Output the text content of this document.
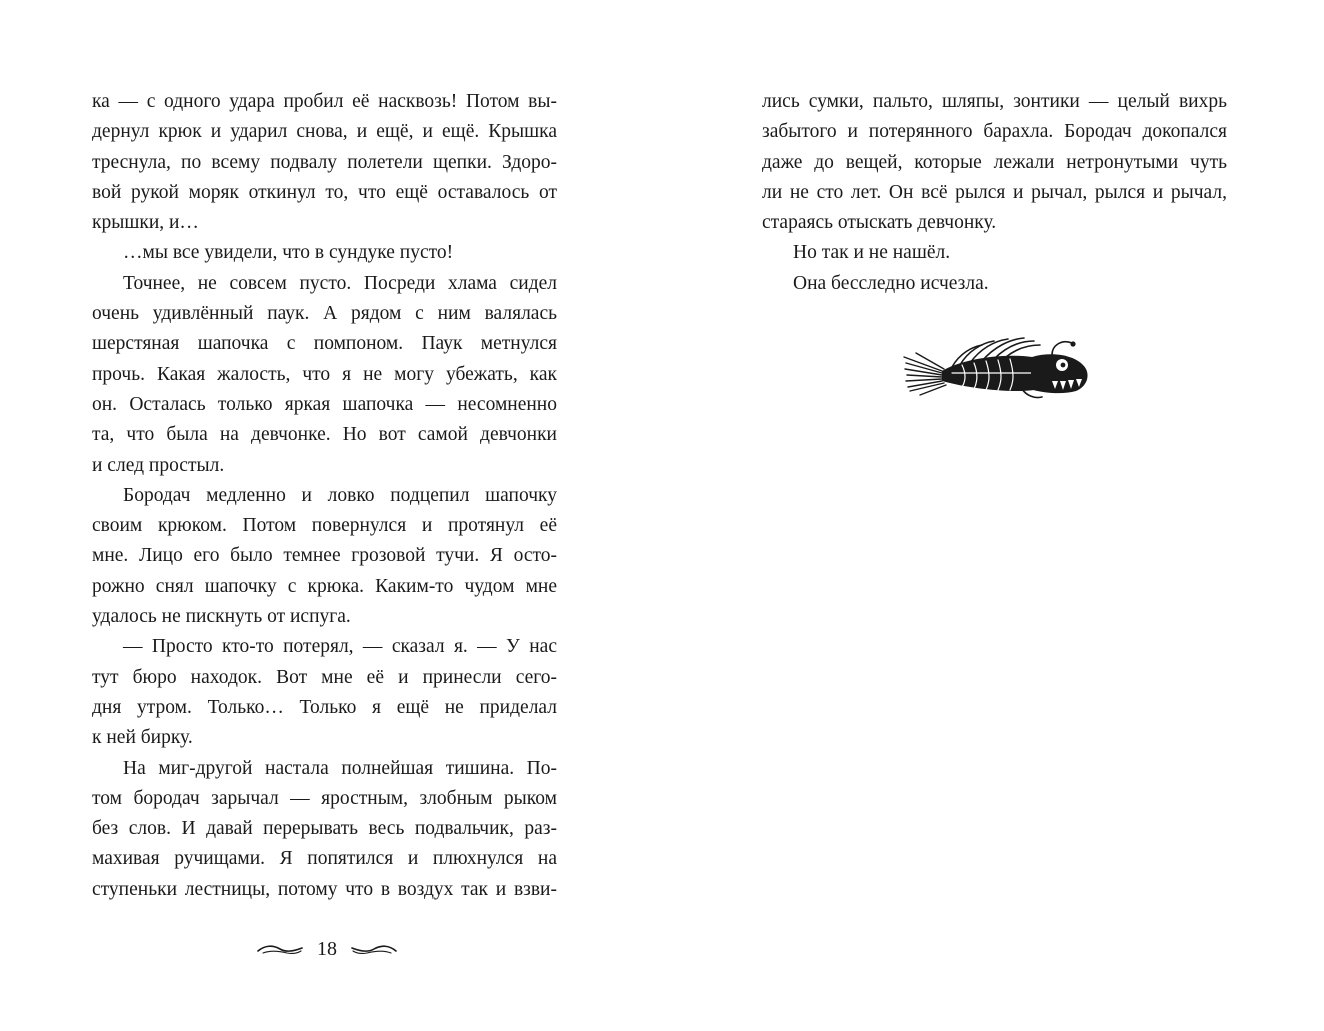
ка — с одного удара пробил её насквозь! Потом вы-
дернул крюк и ударил снова, и ещё, и ещё. Крышка
треснула, по всему подвалу полетели щепки. Здоро-
вой рукой моряк откинул то, что ещё оставалось от
крышки, и…
…мы все увидели, что в сундуке пусто!
Точнее, не совсем пусто. Посреди хлама сидел
очень удивлённый паук. А рядом с ним валялась
шерстяная шапочка с помпоном. Паук метнулся
прочь. Какая жалость, что я не могу убежать, как
он. Осталась только яркая шапочка — несомненно
та, что была на девчонке. Но вот самой девчонки
и след простыл.
Бородач медленно и ловко подцепил шапочку
своим крюком. Потом повернулся и протянул её
мне. Лицо его было темнее грозовой тучи. Я осто-
рожно снял шапочку с крюка. Каким-то чудом мне
удалось не пискнуть от испуга.
— Просто кто-то потерял, — сказал я. — У нас
тут бюро находок. Вот мне её и принесли сего-
дня утром. Только… Только я ещё не приделал
к ней бирку.
На миг-другой настала полнейшая тишина. По-
том бородач зарычал — яростным, злобным рыком
без слов. И давай перерывать весь подвальчик, раз-
махивая ручищами. Я попятился и плюхнулся на
ступеньки лестницы, потому что в воздух так и взви-
18
лись сумки, пальто, шляпы, зонтики — целый вихрь
забытого и потерянного барахла. Бородач докопался
даже до вещей, которые лежали нетронутыми чуть
ли не сто лет. Он всё рылся и рычал, рылся и рычал,
стараясь отыскать девчонку.
Но так и не нашёл.
Она бесследно исчезла.
